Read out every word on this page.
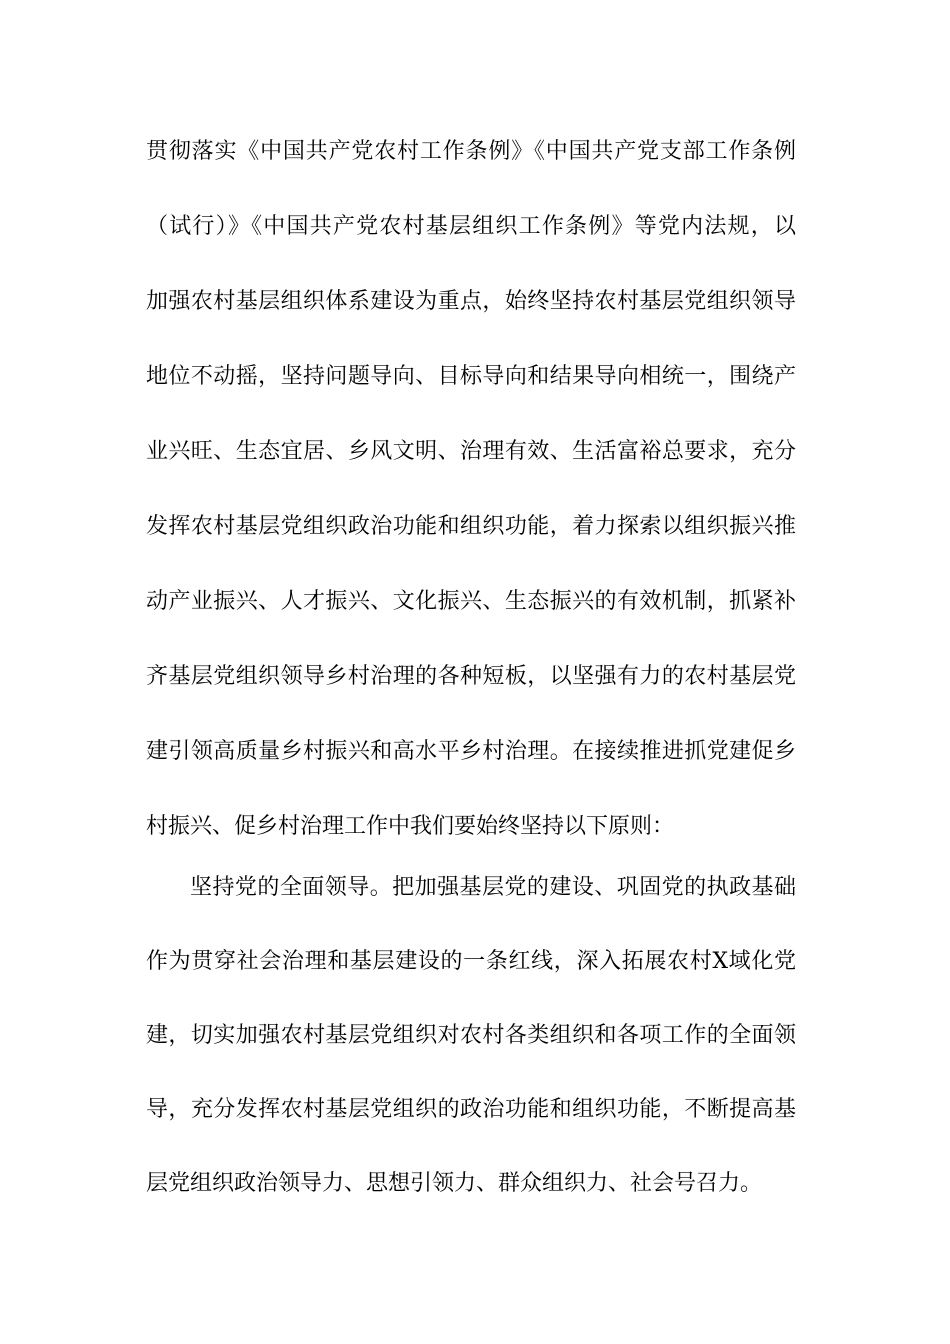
贯彻落实《中国共产党农村工作条例》《中国共产党支部工作条例
（试行）》《中国共产党农村基层组织工作条例》等党内法规，以
加强农村基层组织体系建设为重点，始终坚持农村基层党组织领导
地位不动摇，坚持问题导向、目标导向和结果导向相统一，围绕产
业兴旺、生态宜居、乡风文明、治理有效、生活富裕总要求，充分
发挥农村基层党组织政治功能和组织功能，着力探索以组织振兴推
动产业振兴、人才振兴、文化振兴、生态振兴的有效机制，抓紧补
齐基层党组织领导乡村治理的各种短板，以坚强有力的农村基层党
建引领高质量乡村振兴和高水平乡村治理。在接续推进抓党建促乡
村振兴、促乡村治理工作中我们要始终坚持以下原则：
坚持党的全面领导。把加强基层党的建设、巩固党的执政基础
作为贯穿社会治理和基层建设的一条红线，深入拓展农村X域化党
建，切实加强农村基层党组织对农村各类组织和各项工作的全面领
导，充分发挥农村基层党组织的政治功能和组织功能，不断提高基
层党组织政治领导力、思想引领力、群众组织力、社会号召力。
